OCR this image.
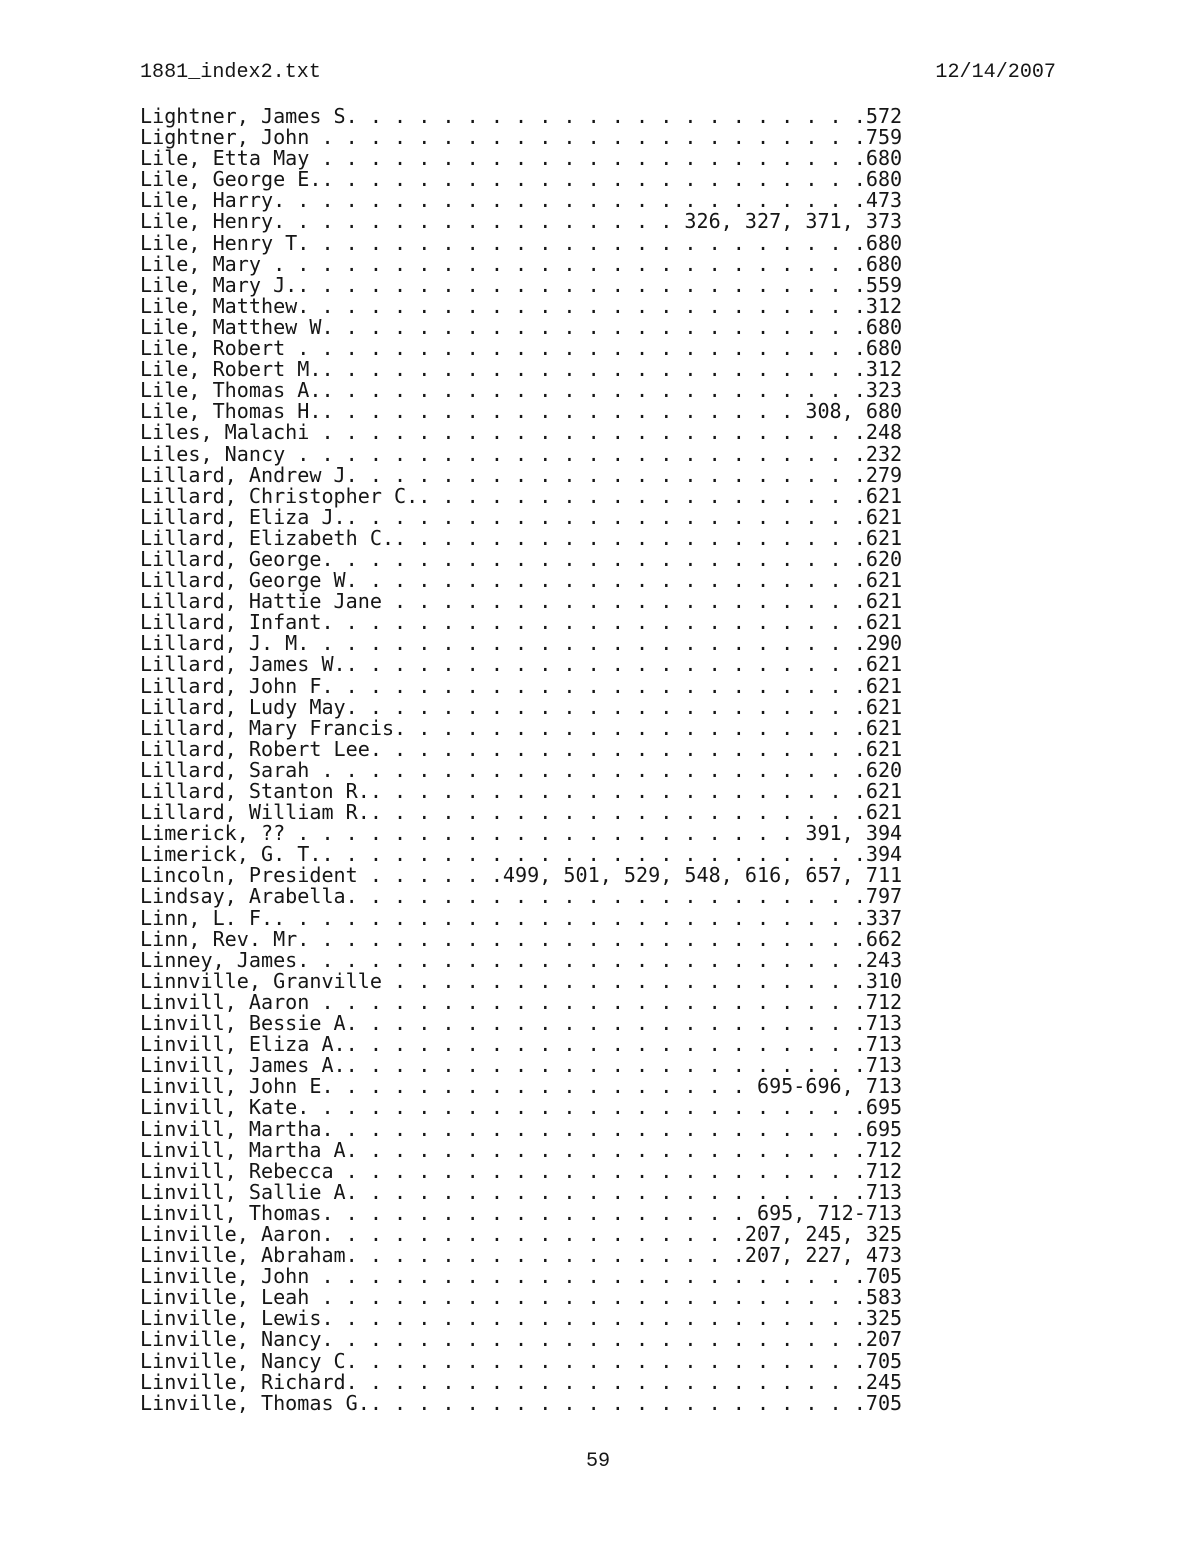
1881_index2.txt	12/14/2007
Lightner, James S. . . . . . . . . . . . . . . . . . . . . .572
Lightner, John . . . . . . . . . . . . . . . . . . . . . . .759
Lile, Etta May . . . . . . . . . . . . . . . . . . . . . . .680
Lile, George E.. . . . . . . . . . . . . . . . . . . . . . .680
Lile, Harry. . . . . . . . . . . . . . . . . . . . . . . . .473
Lile, Henry. . . . . . . . . . . . . . . . . 326, 327, 371, 373
Lile, Henry T. . . . . . . . . . . . . . . . . . . . . . . .680
Lile, Mary . . . . . . . . . . . . . . . . . . . . . . . . .680
Lile, Mary J.. . . . . . . . . . . . . . . . . . . . . . . .559
Lile, Matthew. . . . . . . . . . . . . . . . . . . . . . . .312
Lile, Matthew W. . . . . . . . . . . . . . . . . . . . . . .680
Lile, Robert . . . . . . . . . . . . . . . . . . . . . . . .680
Lile, Robert M.. . . . . . . . . . . . . . . . . . . . . . .312
Lile, Thomas A.. . . . . . . . . . . . . . . . . . . . . . .323
Lile, Thomas H.. . . . . . . . . . . . . . . . . . . . 308, 680
Liles, Malachi . . . . . . . . . . . . . . . . . . . . . . .248
Liles, Nancy . . . . . . . . . . . . . . . . . . . . . . . .232
Lillard, Andrew J. . . . . . . . . . . . . . . . . . . . . .279
Lillard, Christopher C.. . . . . . . . . . . . . . . . . . .621
Lillard, Eliza J.. . . . . . . . . . . . . . . . . . . . . .621
Lillard, Elizabeth C.. . . . . . . . . . . . . . . . . . . .621
Lillard, George. . . . . . . . . . . . . . . . . . . . . . .620
Lillard, George W. . . . . . . . . . . . . . . . . . . . . .621
Lillard, Hattie Jane . . . . . . . . . . . . . . . . . . . .621
Lillard, Infant. . . . . . . . . . . . . . . . . . . . . . .621
Lillard, J. M. . . . . . . . . . . . . . . . . . . . . . . .290
Lillard, James W.. . . . . . . . . . . . . . . . . . . . . .621
Lillard, John F. . . . . . . . . . . . . . . . . . . . . . .621
Lillard, Ludy May. . . . . . . . . . . . . . . . . . . . . .621
Lillard, Mary Francis. . . . . . . . . . . . . . . . . . . .621
Lillard, Robert Lee. . . . . . . . . . . . . . . . . . . . .621
Lillard, Sarah . . . . . . . . . . . . . . . . . . . . . . .620
Lillard, Stanton R.. . . . . . . . . . . . . . . . . . . . .621
Lillard, William R.. . . . . . . . . . . . . . . . . . . . .621
Limerick, ?? . . . . . . . . . . . . . . . . . . . . . 391, 394
Limerick, G. T.. . . . . . . . . . . . . . . . . . . . . . .394
Lincoln, President . . . . . .499, 501, 529, 548, 616, 657, 711
Lindsay, Arabella. . . . . . . . . . . . . . . . . . . . . .797
Linn, L. F.. . . . . . . . . . . . . . . . . . . . . . . . .337
Linn, Rev. Mr. . . . . . . . . . . . . . . . . . . . . . . .662
Linney, James. . . . . . . . . . . . . . . . . . . . . . . .243
Linnville, Granville . . . . . . . . . . . . . . . . . . . .310
Linvill, Aaron . . . . . . . . . . . . . . . . . . . . . . .712
Linvill, Bessie A. . . . . . . . . . . . . . . . . . . . . .713
Linvill, Eliza A.. . . . . . . . . . . . . . . . . . . . . .713
Linvill, James A.. . . . . . . . . . . . . . . . . . . . . .713
Linvill, John E. . . . . . . . . . . . . . . . . . 695-696, 713
Linvill, Kate. . . . . . . . . . . . . . . . . . . . . . . .695
Linvill, Martha. . . . . . . . . . . . . . . . . . . . . . .695
Linvill, Martha A. . . . . . . . . . . . . . . . . . . . . .712
Linvill, Rebecca . . . . . . . . . . . . . . . . . . . . . .712
Linvill, Sallie A. . . . . . . . . . . . . . . . . . . . . .713
Linvill, Thomas. . . . . . . . . . . . . . . . . . 695, 712-713
Linville, Aaron. . . . . . . . . . . . . . . . . .207, 245, 325
Linville, Abraham. . . . . . . . . . . . . . . . .207, 227, 473
Linville, John . . . . . . . . . . . . . . . . . . . . . . .705
Linville, Leah . . . . . . . . . . . . . . . . . . . . . . .583
Linville, Lewis. . . . . . . . . . . . . . . . . . . . . . .325
Linville, Nancy. . . . . . . . . . . . . . . . . . . . . . .207
Linville, Nancy C. . . . . . . . . . . . . . . . . . . . . .705
Linville, Richard. . . . . . . . . . . . . . . . . . . . . .245
Linville, Thomas G.. . . . . . . . . . . . . . . . . . . . .705
59
